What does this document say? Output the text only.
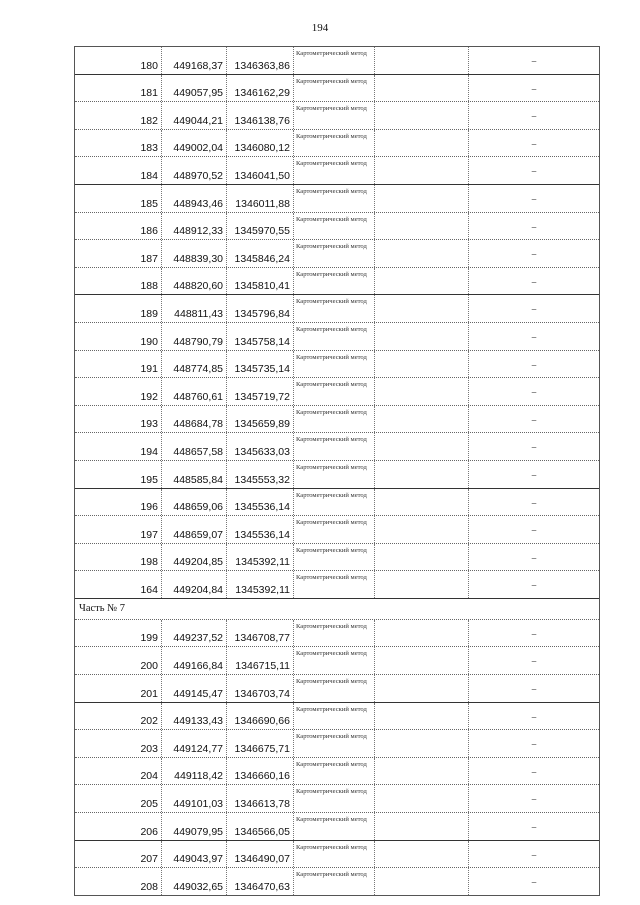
194
180 449168,37 1346363,86
Картометрический метод
–
181 449057,95 1346162,29
Картометрический метод
–
182 449044,21 1346138,76
Картометрический метод
–
183 449002,04 1346080,12
Картометрический метод
–
184 448970,52 1346041,50
Картометрический метод
–
185 448943,46 1346011,88
Картометрический метод
–
186 448912,33 1345970,55
Картометрический метод
–
187 448839,30 1345846,24
Картометрический метод
–
188 448820,60 1345810,41
Картометрический метод
–
189 448811,43 1345796,84
Картометрический метод
–
190 448790,79 1345758,14
Картометрический метод
–
191 448774,85 1345735,14
Картометрический метод
–
192 448760,61 1345719,72
Картометрический метод
–
193 448684,78 1345659,89
Картометрический метод
–
194 448657,58 1345633,03
Картометрический метод
–
195 448585,84 1345553,32
Картометрический метод
–
196 448659,06 1345536,14
Картометрический метод
–
197 448659,07 1345536,14
Картометрический метод
–
198 449204,85 1345392,11
Картометрический метод
–
164 449204,84 1345392,11
Картометрический метод
–
Часть № 7
199 449237,52 1346708,77
Картометрический метод
–
200 449166,84 1346715,11
Картометрический метод
–
201 449145,47 1346703,74
Картометрический метод
–
202 449133,43 1346690,66
Картометрический метод
–
203 449124,77 1346675,71
Картометрический метод
–
204 449118,42 1346660,16
Картометрический метод
–
205 449101,03 1346613,78
Картометрический метод
–
206 449079,95 1346566,05
Картометрический метод
–
207 449043,97 1346490,07
Картометрический метод
–
208 449032,65 1346470,63
Картометрический метод
–
